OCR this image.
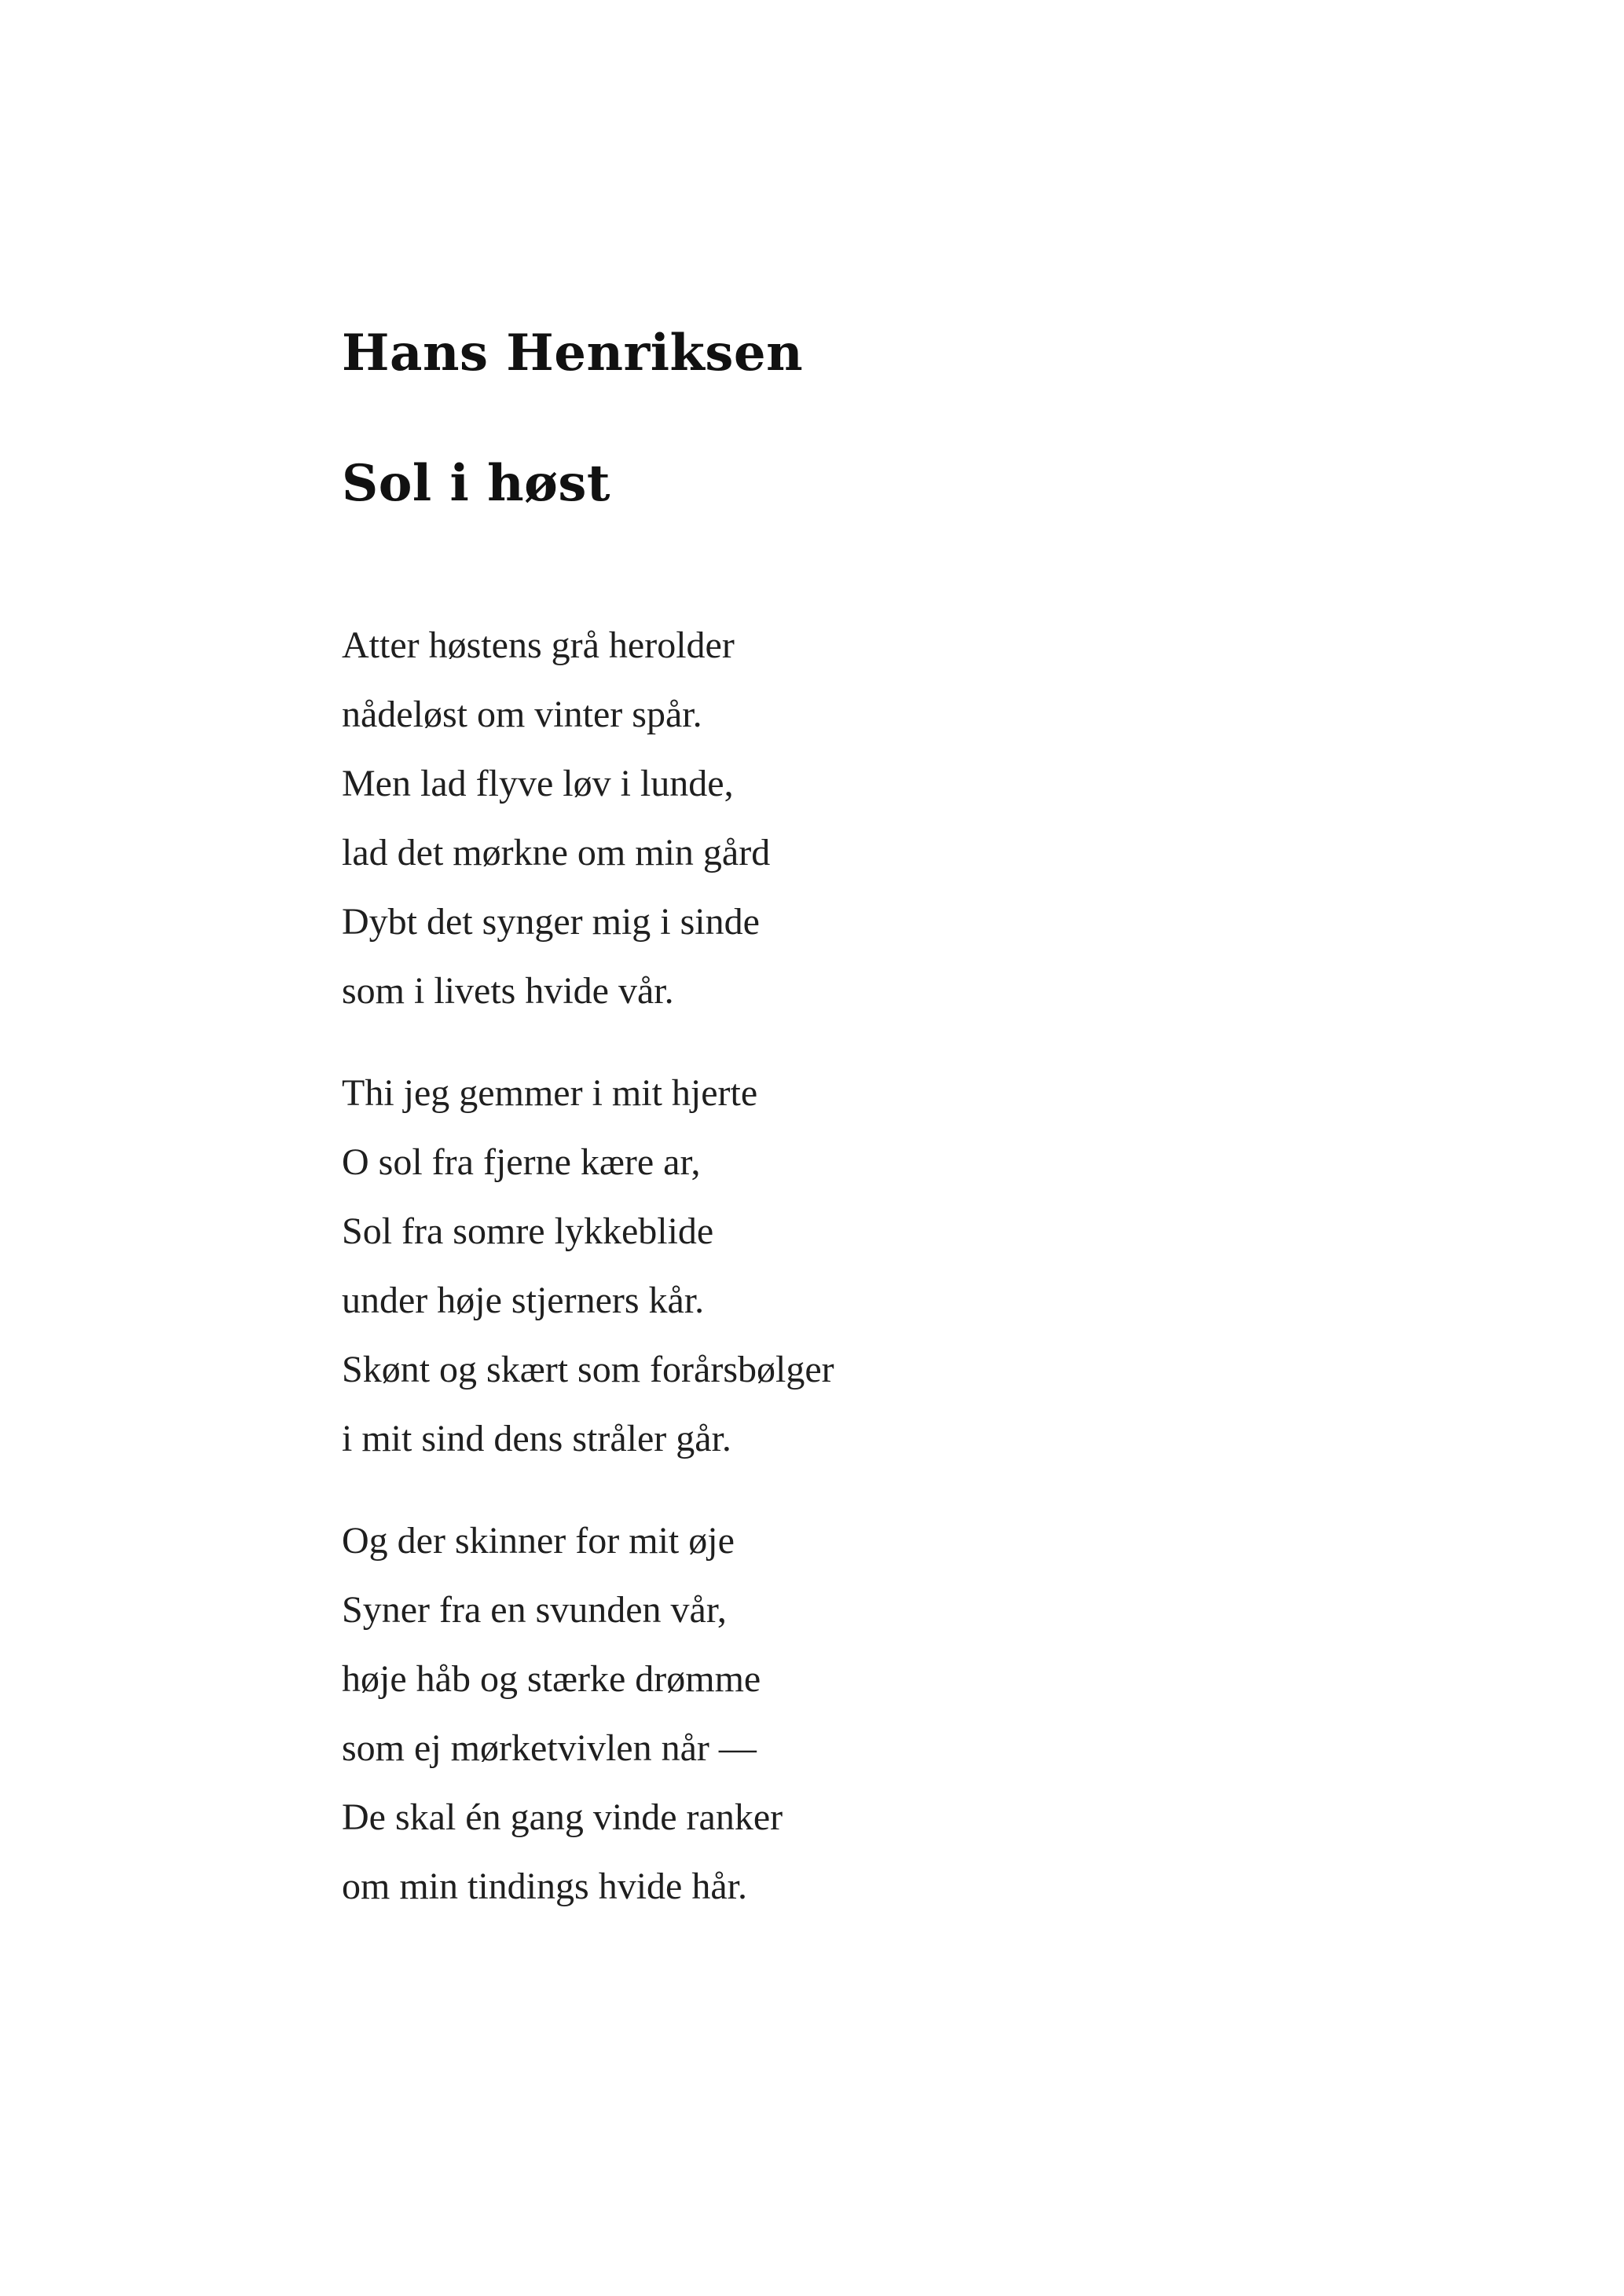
Hans Henriksen
Sol i høst
Atter høstens grå herolder
nådeløst om vinter spår.
Men lad flyve løv i lunde,
lad det mørkne om min gård
Dybt det synger mig i sinde
som i livets hvide vår.
Thi jeg gemmer i mit hjerte
O sol fra fjerne kære ar,
Sol fra somre lykkeblide
under høje stjerners kår.
Skønt og skært som forårsbølger
i mit sind dens stråler går.
Og der skinner for mit øje
Syner fra en svunden vår,
høje håb og stærke drømme
som ej mørketvivlen når —
De skal én gang vinde ranker
om min tindings hvide hår.
